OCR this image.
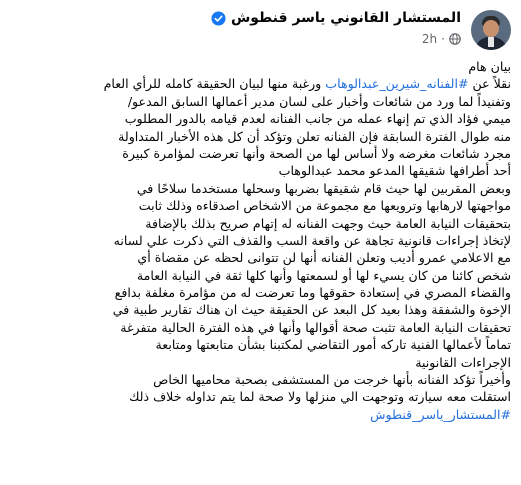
المستشار القانوني ياسر قنطوش
2h ·
بيان هام
نقلاً عن #الفنانه_شيرين_عبدالوهاب ورغبة منها لبيان الحقيقة كامله للرأي العام
وتفنيداً لما ورد من شائعات وأخبار على لسان مدير أعمالها السابق المدعو/
ميمي فؤاد الذي تم إنهاء عمله من جانب الفنانه لعدم قيامه بالدور المطلوب
منه طوال الفترة السابقة فإن الفنانه تعلن وتؤكد أن كل هذه الأخبار المتداولة
مجرد شائعات مغرضه ولا أساس لها من الصحة وأنها تعرضت لمؤامرة كبيرة
أحد أطرافها شقيقها المدعو محمد عبدالوهاب
وبعض المقربين لها حيث قام شقيقها بضربها وسحلها مستخدما سلاحًا في
مواجهتها لارهابها وترويعها مع مجموعة من الاشخاص اصدقاءه وذلك ثابت
بتحقيقات النيابة العامة حيث وجهت الفنانه له إتهام صريح بذلك بالإضافة
لإتخاذ إجراءات قانونية تجاهة عن واقعة السب والقذف التي ذكرت علي لسانه
مع الاعلامي عمرو أديب وتعلن الفنانه أنها لن تتوانى لحظه عن مقضاة أي
شخص كائنا من كان يسيء لها أو لسمعتها وأنها كلها ثقة في النيابة العامة
والقضاء المصري في إستعادة حقوقها وما تعرضت له من مؤامرة مغلفة بدافع
الإخوة والشفقة وهذا بعيد كل البعد عن الحقيقة حيث ان هناك تقارير طبية في
تحقيقات النيابة العامة تثبت صحة أقوالها وأنها في هذه الفترة الحالية متفرغة
تماماً لأعمالها الفنية تاركه أمور التقاضي لمكتبنا بشأن متابعتها ومتابعة
الإجراءات القانونية
وأخيراً تؤكد الفنانه بأنها خرجت من المستشفى بصحبة محاميها الخاص
استقلت معه سيارته وتوجهت الي منزلها ولا صحة لما يتم تداوله خلاف ذلك
#المستشار_ياسر_قنطوش
